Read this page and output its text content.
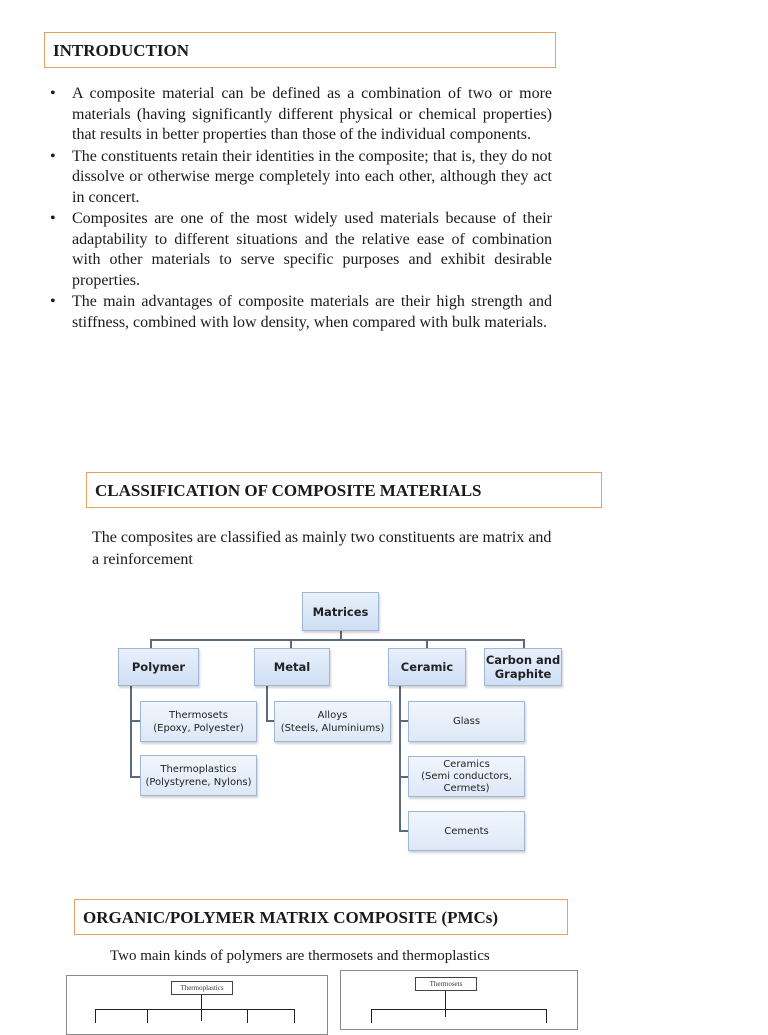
INTRODUCTION
• A composite material can be defined as a combination of two or more materials (having significantly different physical or chemical properties) that results in better properties than those of the individual components.
• The constituents retain their identities in the composite; that is, they do not dissolve or otherwise merge completely into each other, although they act in concert.
• Composites are one of the most widely used materials because of their adaptability to different situations and the relative ease of combination with other materials to serve specific purposes and exhibit desirable properties.
• The main advantages of composite materials are their high strength and stiffness, combined with low density, when compared with bulk materials.
CLASSIFICATION OF COMPOSITE MATERIALS
The composites are classified as mainly two constituents are matrix and a reinforcement
Matrices
Polymer	Metal	Ceramic	Carbon and
Graphite
Thermosets
(Epoxy, Polyester)
Thermoplastics
(Polystyrene, Nylons)
Alloys
(Steels, Aluminiums)
Glass
Ceramics
(Semi conductors,
Cermets)
Cements
ORGANIC/POLYMER MATRIX COMPOSITE (PMCs)
Two main kinds of polymers are thermosets and thermoplastics
Thermoplastics	Thermosets
